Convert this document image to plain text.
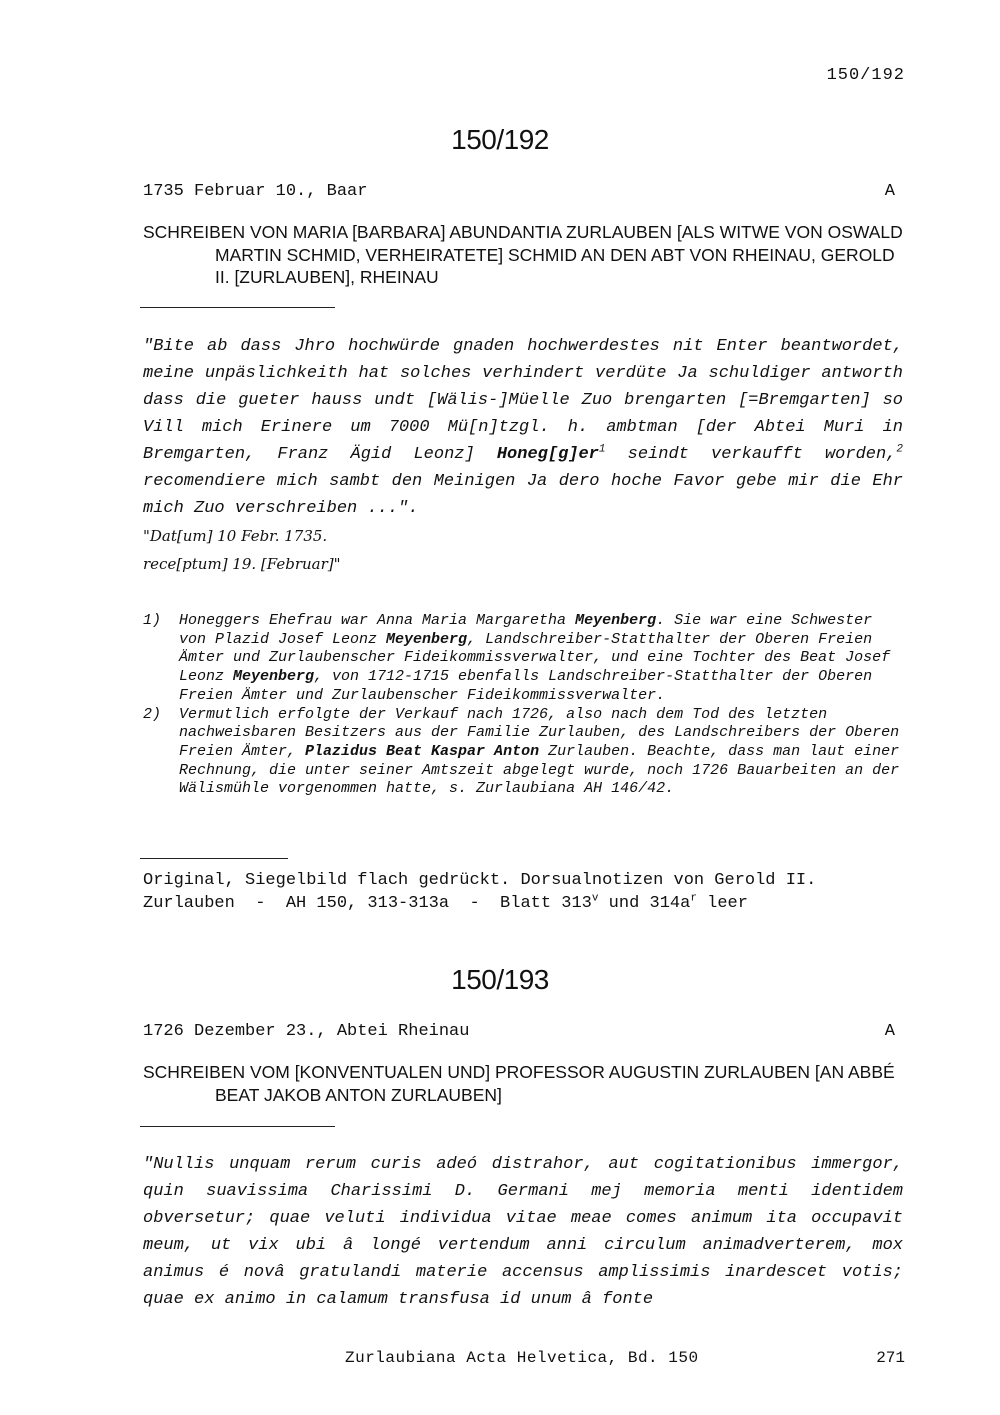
150/192
150/192
1735 Februar 10., Baar	A
SCHREIBEN VON MARIA [BARBARA] ABUNDANTIA ZURLAUBEN [ALS WITWE VON OSWALD MARTIN SCHMID, VERHEIRATETE] SCHMID AN DEN ABT VON RHEINAU, GEROLD II. [ZURLAUBEN], RHEINAU
"Bite ab dass Jhro hochwürde gnaden hochwerdestes nit Enter beantwordet, meine unpäslichkeith hat solches verhindert verdüte Ja schuldiger antworth dass die gueter hauss undt [Wälis-]Müelle Zuo brengarten [=Bremgarten] so Vill mich Erinere um 7000 Mü[n]tzgl. h. ambtman [der Abtei Muri in Bremgarten, Franz Ägid Leonz] $Honeg[g]er^1$ seindt verkaufft worden,$^2$ recomendiere mich sambt den Meinigen Ja dero hoche Favor gebe mir die Ehr mich Zuo verschreiben ...".
"Dat[um] 10 Febr. 1735.
rece[ptum] 19. [Februar]"
1)	Honeggers Ehefrau war Anna Maria Margaretha Meyenberg. Sie war eine Schwester von Plazid Josef Leonz Meyenberg, Landschreiber-Statthalter der Oberen Freien Ämter und Zurlaubenscher Fideikommissverwalter, und eine Tochter des Beat Josef Leonz Meyenberg, von 1712-1715 ebenfalls Landschreiber-Statthalter der Oberen Freien Ämter und Zurlaubenscher Fideikommissverwalter.
2)	Vermutlich erfolgte der Verkauf nach 1726, also nach dem Tod des letzten nachweisbaren Besitzers aus der Familie Zurlauben, des Landschreibers der Oberen Freien Ämter, Plazidus Beat Kaspar Anton Zurlauben. Beachte, dass man laut einer Rechnung, die unter seiner Amtszeit abgelegt wurde, noch 1726 Bauarbeiten an der Wälismühle vorgenommen hatte, s. Zurlaubiana AH 146/42.
Original, Siegelbild flach gedrückt. Dorsualnotizen von Gerold II.
Zurlauben  -  AH 150, 313-313a  -  Blatt 313$^v$ und $314a^r$ leer
150/193
1726 Dezember 23., Abtei Rheinau	A
SCHREIBEN VOM [KONVENTUALEN UND] PROFESSOR AUGUSTIN ZURLAUBEN [AN ABBÉ BEAT JAKOB ANTON ZURLAUBEN]
"Nullis unquam rerum curis adeó distrahor, aut cogitationibus immergor, quin suavissima Charissimi D. Germani mej memoria menti identidem obversetur; quae veluti individua vitae meae comes animum ita occupavit meum, ut vix ubi â longé vertendum anni circulum animadverterem, mox animus é novâ gratulandi materie accensus amplissimis inardescet votis; quae ex animo in calamum transfusa id unum â fonte
Zurlaubiana Acta Helvetica, Bd. 150	271
